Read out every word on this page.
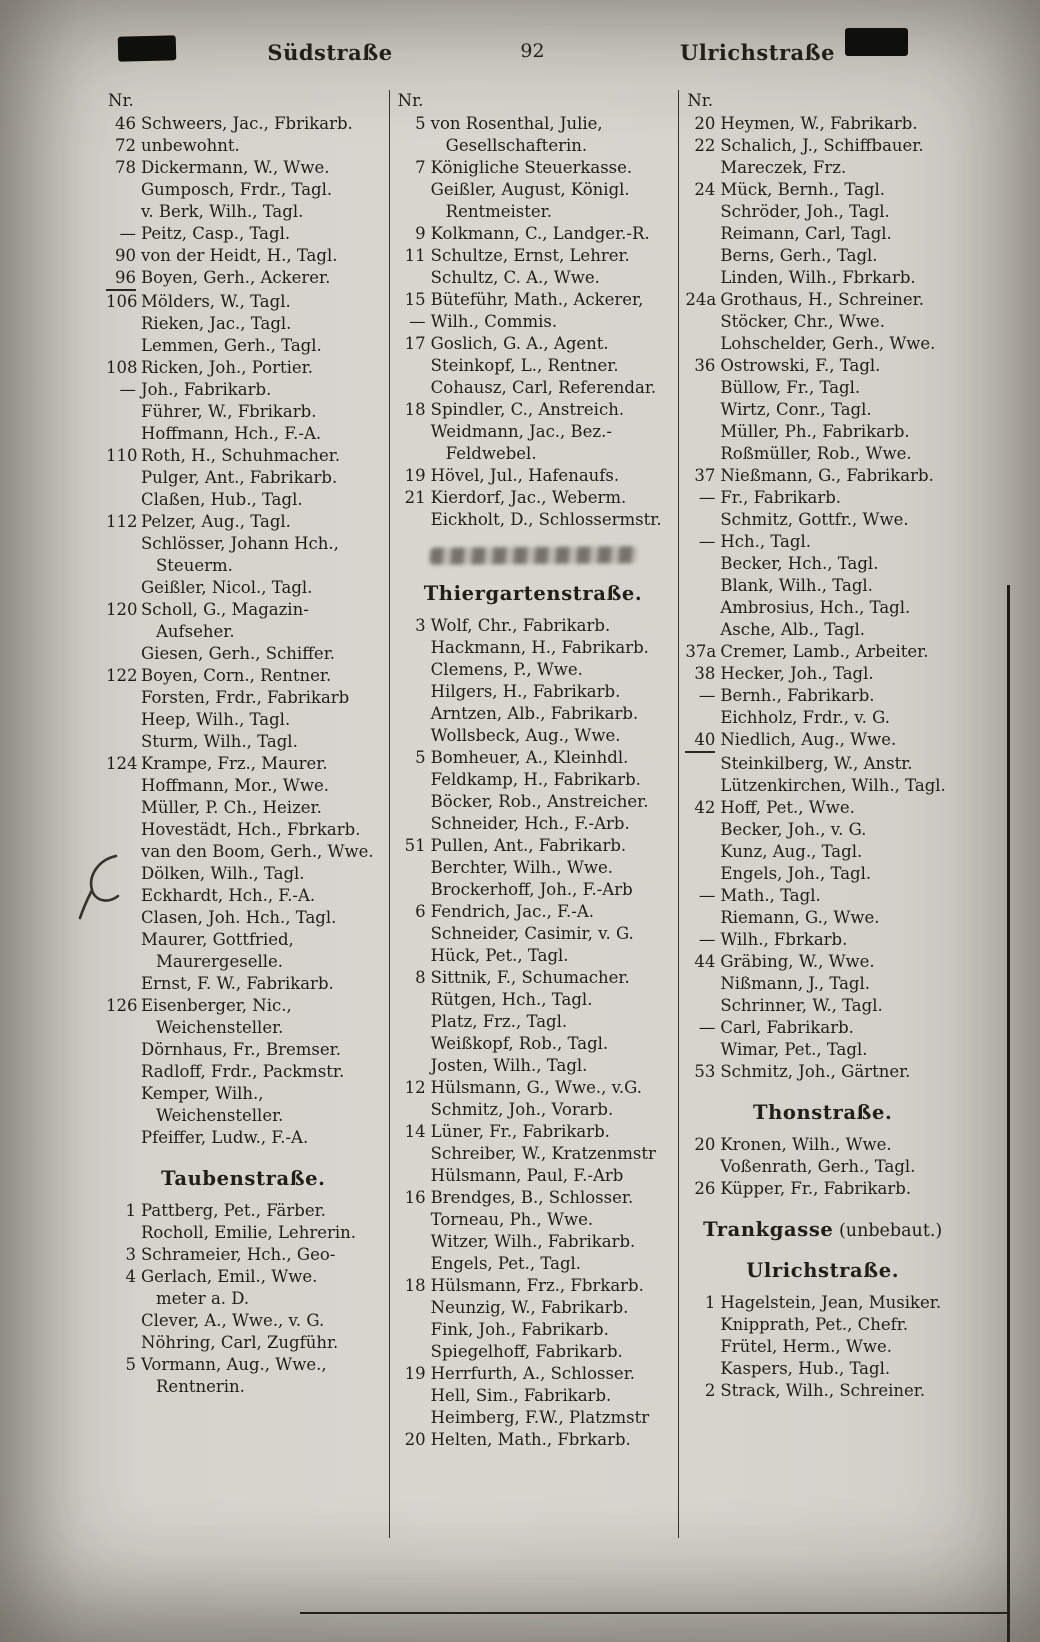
Südstraße	92	Ulrichstraße
Nr.
46 Schweers, Jac., Fbrikarb.
72 unbewohnt.
78 Dickermann, W., Wwe.
Gumposch, Frdr., Tagl.
v. Berk, Wilh., Tagl.
— Peitz, Casp., Tagl.
90 von der Heidt, H., Tagl.
96 Boyen, Gerh., Ackerer.
106 Mölders, W., Tagl.
Rieken, Jac., Tagl.
Lemmen, Gerh., Tagl.
108 Ricken, Joh., Portier.
— Joh., Fabrikarb.
Führer, W., Fbrikarb.
Hoffmann, Hch., F.-A.
110 Roth, H., Schuhmacher.
Pulger, Ant., Fabrikarb.
Claßen, Hub., Tagl.
112 Pelzer, Aug., Tagl.
Schlösser, Johann Hch., Steuerm.
Geißler, Nicol., Tagl.
120 Scholl, G., Magazin-Aufseher.
Giesen, Gerh., Schiffer.
122 Boyen, Corn., Rentner.
Forsten, Frdr., Fabrikarb
Heep, Wilh., Tagl.
Sturm, Wilh., Tagl.
124 Krampe, Frz., Maurer.
Hoffmann, Mor., Wwe.
Müller, P. Ch., Heizer.
Hovestädt, Hch., Fbrkarb.
van den Boom, Gerh., Wwe.
Dölken, Wilh., Tagl.
Eckhardt, Hch., F.-A.
Clasen, Joh. Hch., Tagl.
Maurer, Gottfried, Maurergeselle.
Ernst, F. W., Fabrikarb.
126 Eisenberger, Nic., Weichensteller.
Dörnhaus, Fr., Bremser.
Radloff, Frdr., Packmstr.
Kemper, Wilh., Weichensteller.
Pfeiffer, Ludw., F.-A.
Taubenstraße.
1 Pattberg, Pet., Färber.
Rocholl, Emilie, Lehrerin.
3 Schrameier, Hch., Geo-
4 Gerlach, Emil., Wwe.
meter a. D.
Clever, A., Wwe., v. G.
Nöhring, Carl, Zugführ.
5 Vormann, Aug., Wwe., Rentnerin.
Nr.
5 von Rosenthal, Julie, Gesellschafterin.
7 Königliche Steuerkasse.
Geißler, August, Königl. Rentmeister.
9 Kolkmann, C., Landger.-R.
11 Schultze, Ernst, Lehrer.
Schultz, C. A., Wwe.
15 Büteführ, Math., Ackerer,
— Wilh., Commis.
17 Goslich, G. A., Agent.
Steinkopf, L., Rentner.
Cohausz, Carl, Referendar.
18 Spindler, C., Anstreich.
Weidmann, Jac., Bez.-Feldwebel.
19 Hövel, Jul., Hafenaufs.
21 Kierdorf, Jac., Weberm.
Eickholt, D., Schlossermstr.
Thiergartenstraße.
3 Wolf, Chr., Fabrikarb.
Hackmann, H., Fabrikarb.
Clemens, P., Wwe.
Hilgers, H., Fabrikarb.
Arntzen, Alb., Fabrikarb.
Wollsbeck, Aug., Wwe.
5 Bomheuer, A., Kleinhdl.
Feldkamp, H., Fabrikarb.
Böcker, Rob., Anstreicher.
Schneider, Hch., F.-Arb.
51 Pullen, Ant., Fabrikarb.
Berchter, Wilh., Wwe.
Brockerhoff, Joh., F.-Arb
6 Fendrich, Jac., F.-A.
Schneider, Casimir, v. G.
Hück, Pet., Tagl.
8 Sittnik, F., Schumacher.
Rütgen, Hch., Tagl.
Platz, Frz., Tagl.
Weißkopf, Rob., Tagl.
Josten, Wilh., Tagl.
12 Hülsmann, G., Wwe., v.G.
Schmitz, Joh., Vorarb.
14 Lüner, Fr., Fabrikarb.
Schreiber, W., Kratzenmstr
Hülsmann, Paul, F.-Arb
16 Brendges, B., Schlosser.
Torneau, Ph., Wwe.
Witzer, Wilh., Fabrikarb.
Engels, Pet., Tagl.
18 Hülsmann, Frz., Fbrkarb.
Neunzig, W., Fabrikarb.
Fink, Joh., Fabrikarb.
Spiegelhoff, Fabrikarb.
19 Herrfurth, A., Schlosser.
Hell, Sim., Fabrikarb.
Heimberg, F.W., Platzmstr
20 Helten, Math., Fbrkarb.
Nr.
20 Heymen, W., Fabrikarb.
22 Schalich, J., Schiffbauer.
Mareczek, Frz.
24 Mück, Bernh., Tagl.
Schröder, Joh., Tagl.
Reimann, Carl, Tagl.
Berns, Gerh., Tagl.
Linden, Wilh., Fbrkarb.
24a Grothaus, H., Schreiner.
Stöcker, Chr., Wwe.
Lohschelder, Gerh., Wwe.
36 Ostrowski, F., Tagl.
Büllow, Fr., Tagl.
Wirtz, Conr., Tagl.
Müller, Ph., Fabrikarb.
Roßmüller, Rob., Wwe.
37 Nießmann, G., Fabrikarb.
— Fr., Fabrikarb.
Schmitz, Gottfr., Wwe.
— Hch., Tagl.
Becker, Hch., Tagl.
Blank, Wilh., Tagl.
Ambrosius, Hch., Tagl.
Asche, Alb., Tagl.
37a Cremer, Lamb., Arbeiter.
38 Hecker, Joh., Tagl.
— Bernh., Fabrikarb.
Eichholz, Frdr., v. G.
40 Niedlich, Aug., Wwe.
Steinkilberg, W., Anstr.
Lützenkirchen, Wilh., Tagl.
42 Hoff, Pet., Wwe.
Becker, Joh., v. G.
Kunz, Aug., Tagl.
Engels, Joh., Tagl.
— Math., Tagl.
Riemann, G., Wwe.
— Wilh., Fbrkarb.
44 Gräbing, W., Wwe.
Nißmann, J., Tagl.
Schrinner, W., Tagl.
— Carl, Fabrikarb.
Wimar, Pet., Tagl.
53 Schmitz, Joh., Gärtner.
Thonstraße.
20 Kronen, Wilh., Wwe.
Voßenrath, Gerh., Tagl.
26 Küpper, Fr., Fabrikarb.
Trankgasse (unbebaut.)
Ulrichstraße.
1 Hagelstein, Jean, Musiker.
Knipprath, Pet., Chefr.
Frütel, Herm., Wwe.
Kaspers, Hub., Tagl.
2 Strack, Wilh., Schreiner.
